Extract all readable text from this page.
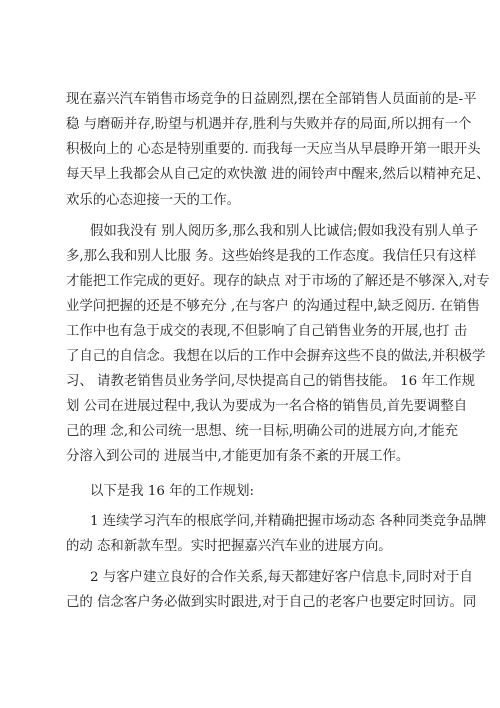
现在嘉兴汽车销售市场竞争的日益剧烈,摆在全部销售人员面前的是-平
稳 与磨砺并存,盼望与机遇并存,胜利与失败并存的局面,所以拥有一个
积极向上的 心态是特别重要的. 而我每一天应当从早晨睁开第一眼开头
每天早上我都会从自己定的欢快激 进的闹铃声中醒来,然后以精神充足、
欢乐的心态迎接一天的工作。
假如我没有 别人阅历多,那么我和别人比诚信;假如我没有别人单子
多,那么我和别人比服 务。这些始终是我的工作态度。我信任只有这样
才能把工作完成的更好。现存的缺点 对于市场的了解还是不够深入,对专
业学问把握的还是不够充分 ,在与客户 的沟通过程中,缺乏阅历. 在销售
工作中也有急于成交的表现,不但影响了自己销售业务的开展,也打 击
了自己的自信念。我想在以后的工作中会摒弃这些不良的做法,并积极学
习、 请教老销售员业务学问,尽快提高自己的销售技能。 16 年工作规
划 公司在进展过程中,我认为要成为一名合格的销售员,首先要调整自
己的理 念,和公司统一思想、统一目标,明确公司的进展方向,才能充
分溶入到公司的 进展当中,才能更加有条不紊的开展工作。
以下是我 16 年的工作规划:
1 连续学习汽车的根底学问,并精确把握市场动态 各种同类竞争品牌
的动 态和新款车型。实时把握嘉兴汽车业的进展方向。
2 与客户建立良好的合作关系,每天都建好客户信息卡,同时对于自
己的 信念客户务必做到实时跟进,对于自己的老客户也要定时回访。同
